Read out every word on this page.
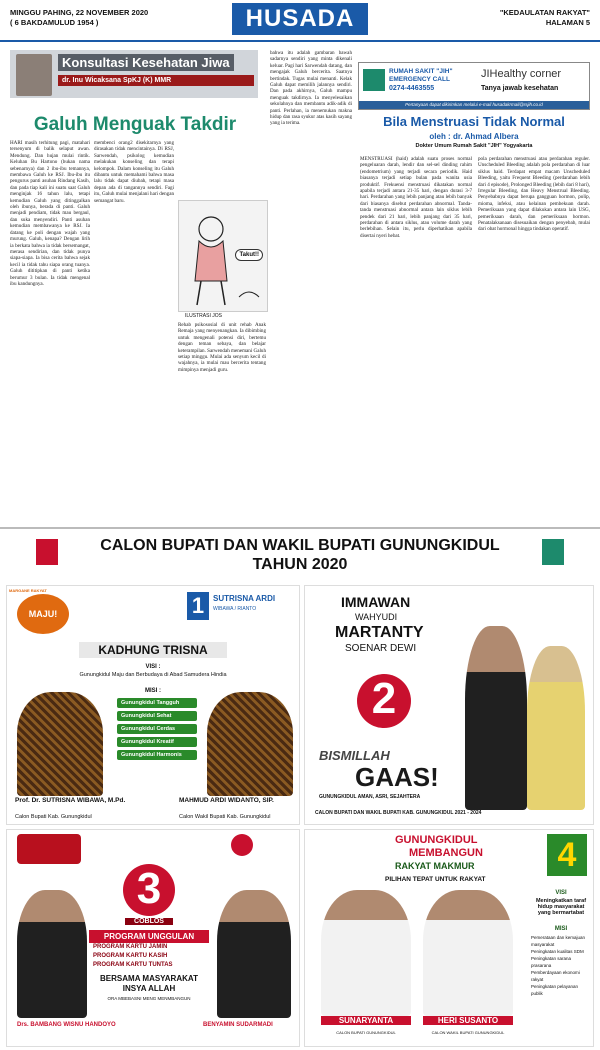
MINGGU PAHING, 22 NOVEMBER 2020
( 6 BAKDAMULUD 1954 )	HUSADA	"KEDAULATAN RAKYAT"
HALAMAN 5
Konsultasi Kesehatan Jiwa
dr. Inu Wicaksana SpKJ (K) MMR
Galuh Menguak Takdir
HARI masih terhitung pagi, matahari tersenyum di balik selaput awan. Mendung. Dan hujan mulai rintik. Keluhan Bu Hartono (bukan nama sebenarnya) dan 2 ibu-ibu temannya, membawa Galuh ke RSJ. Ibu-ibu itu pengurus panti asuhan Rindang Kasih, dan pada tiap kali ini suatu saat Galuh menginjak 16 tahun lalu, tetapi kemudian Galuh yang ditinggalkan oleh ibunya, berada di panti. Galuh menjadi pendiam, tidak mau bergaul, dan suka menyendiri. Panti asuhan kemudian membawanya ke RSJ. Ia datang ke poli dengan wajah yang murung. Galuh, kenapa? Dengan lirih ia berkata bahwa ia tidak bersemangat, merasa sendirian, dan tidak punya siapa-siapa. Ia bisa cerita bahwa sejak kecil ia tidak tahu siapa orang tuanya. Galuh dititipkan di panti ketika berumur 3 bulan. Ia tidak mengenal ibu kandungnya.
membenci orang2 disekitarnya yang dirasakan tidak mencintainya. Di RSJ, Sarwendah, psikolog kemudian melakukan konseling dan terapi kelompok. Dalam konseling itu Galuh dibantu untuk memahami bahwa masa lalu tidak dapat diubah, tetapi masa depan ada di tangannya sendiri. Fagi itu, Galuh mulai menjalani hari dengan semangat baru.
Rehab psikososial di unit rehab Anak Remaja yang menyenangkan. Ia dibimbing untuk mengenali potensi diri, bertemu dengan teman sebaya, dan belajar keterampilan. Sarwendah menemani Galuh setiap minggu. Mulai ada senyum kecil di wajahnya, ia mulai mau bercerita tentang mimpinya menjadi guru.
bahwa itu adalah gambaran bawah sadarnya sendiri yang minta dikenali keluar. Pagi hari Sarwendah datang, dan mengajak Galuh bercerita. Saatnya bertindak. Tugas mulai menanti. Kelak Galuh dapat memilih jalannya sendiri. Dan pada akhirnya, Galuh mampu menguak takdirnya. Ia menyelesaikan sekolahnya dan membantu adik-adik di panti. Perlahan, ia menemukan makna hidup dan rasa syukur atas kasih sayang yang ia terima.
Takut!!
ILUSTRASI JOS
RUMAH SAKIT "JIH"
EMERGENCY CALL
0274-4463555
JIHealthy corner
Tanya jawab kesehatan
Pertanyaan dapat dikirimkan melalui e-mail husadakrmail@rsjih.co.id
Bila Menstruasi Tidak Normal
oleh : dr. Ahmad Albera
Dokter Umum Rumah Sakit "JIH" Yogyakarta
MENSTRUASI (haid) adalah suatu proses normal pengeluaran darah, lendir dan sel-sel dinding rahim (endometrium) yang terjadi secara periodik. Haid biasanya terjadi setiap bulan pada wanita usia produktif. Frekuensi menstruasi dikatakan normal apabila terjadi antara 21-35 hari, dengan durasi 3-7 hari. Perdarahan yang lebih panjang atau lebih banyak dari biasanya disebut perdarahan abnormal. Tanda-tanda menstruasi abnormal antara lain siklus lebih pendek dari 21 hari, lebih panjang dari 35 hari, perdarahan di antara siklus, atau volume darah yang berlebihan. Selain itu, perlu diperhatikan apabila disertai nyeri hebat.
pola perdarahan menstruasi atau perdarahan reguler. Unscheduled Bleeding adalah pola perdarahan di luar siklus haid. Terdapat empat macam Unscheduled Bleeding, yaitu Frequent Bleeding (perdarahan lebih dari 4 episode), Prolonged Bleeding (lebih dari 8 hari), Irregular Bleeding, dan Heavy Menstrual Bleeding. Penyebabnya dapat berupa gangguan hormon, polip, mioma, infeksi, atau kelainan pembekuan darah. Pemeriksaan yang dapat dilakukan antara lain USG, pemeriksaan darah, dan pemeriksaan hormon. Penatalaksanaan disesuaikan dengan penyebab, mulai dari obat hormonal hingga tindakan operatif.
CALON BUPATI DAN WAKIL BUPATI GUNUNGKIDUL
TAHUN 2020
MAJU!
MARGANE RAKYAT
1	SUTRISNA ARDI
WIBAWA / RIANTO
KADHUNG TRISNA
VISI :
Gunungkidul Maju dan Berbudaya di Abad Samudera Hindia
MISI :
Gunungkidul Tangguh
Gunungkidul Sehat
Gunungkidul Cerdas
Gunungkidul Kreatif
Gunungkidul Harmonis
Prof. Dr. SUTRISNA WIBAWA, M.Pd.	MAHMUD ARDI WIDANTO, SIP.
Calon Bupati Kab. Gunungkidul	Calon Wakil Bupati Kab. Gunungkidul
IMMAWAN
WAHYUDI
MARTANTY
SOENAR DEWI
2
BISMILLAH
GAAS!
GUNUNGKIDUL AMAN, ASRI, SEJAHTERA
CALON BUPATI DAN WAKIL BUPATI KAB. GUNUNGKIDUL 2021 - 2024
3
COBLOS
PROGRAM UNGGULAN
PROGRAM KARTU JAMIN
PROGRAM KARTU KASIH
PROGRAM KARTU TUNTAS
BERSAMA MASYARAKAT
INSYA ALLAH
ORA MBEBASNI MENG MENMBANGUN
Drs. BAMBANG WISNU HANDOYO	BENYAMIN SUDARMADI
GUNUNGKIDUL
MEMBANGUN
RAKYAT MAKMUR
PILIHAN TEPAT UNTUK RAKYAT
4
VISI
Meningkatkan taraf hidup masyarakat yang bermartabat
MISI
Pemerataan dan kemajuan masyarakat
Peningkatan kualitas SDM
Peningkatan sarana prasarana
Pemberdayaan ekonomi rakyat
Peningkatan pelayanan publik
SUNARYANTA	HERI SUSANTO
CALON BUPATI GUNUNGKIDUL	CALON WAKIL BUPATI GUNUNGKIDUL
